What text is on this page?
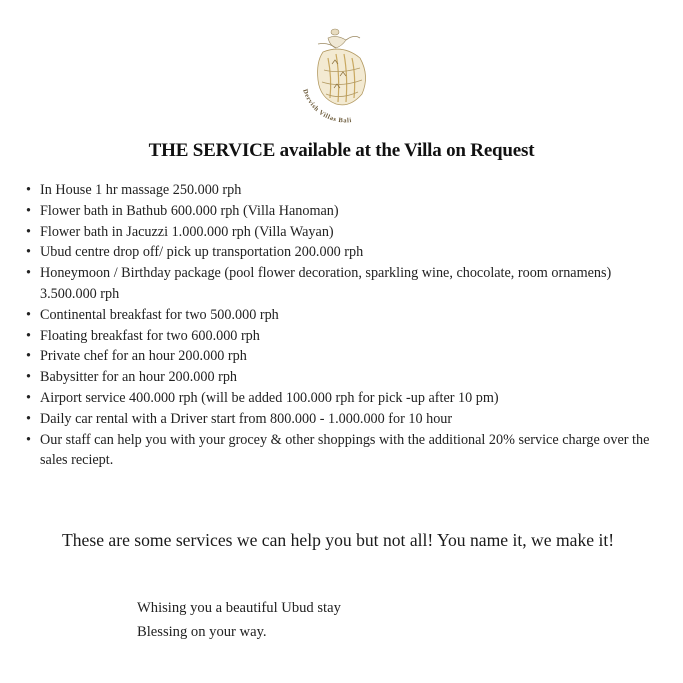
Dervish Villas Bali
THE SERVICE available at the Villa on Request
• In House 1 hr massage 250.000 rph
• Flower bath in Bathub 600.000 rph (Villa Hanoman)
• Flower bath in Jacuzzi 1.000.000 rph (Villa Wayan)
• Ubud centre drop off/ pick up transportation 200.000 rph
• Honeymoon / Birthday package (pool flower decoration, sparkling wine, chocolate, room ornamens) 3.500.000 rph
• Continental breakfast for two 500.000 rph
• Floating breakfast for two 600.000 rph
• Private chef for an hour 200.000 rph
• Babysitter for an hour 200.000 rph
• Airport service 400.000 rph (will be added 100.000 rph for pick -up after 10 pm)
• Daily car rental with a Driver start from 800.000 - 1.000.000 for 10 hour
• Our staff can help you with your grocey & other shoppings with the additional 20% service charge over the sales reciept.
These are some services we can help you but not all! You name it, we make it!
Whising you a beautiful Ubud stay
Blessing on your way.
